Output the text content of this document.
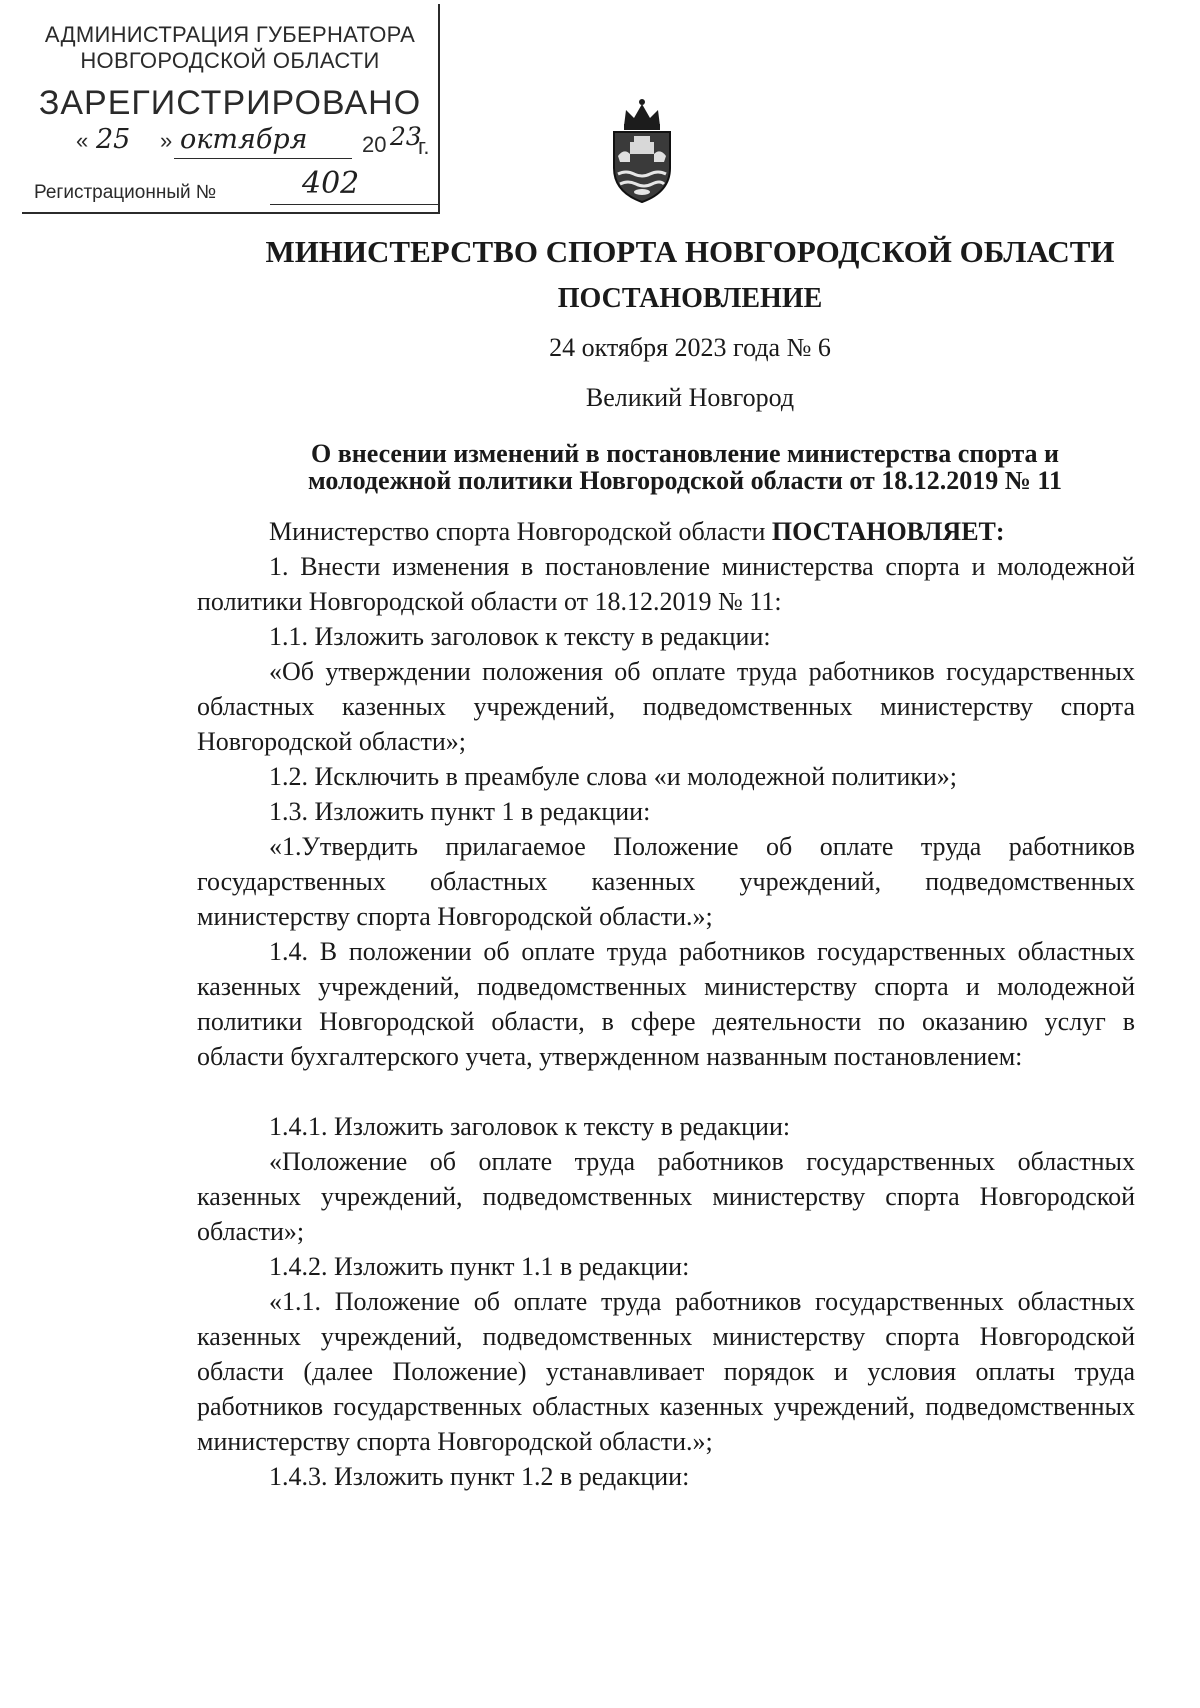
АДМИНИСТРАЦИЯ ГУБЕРНАТОРА
НОВГОРОДСКОЙ ОБЛАСТИ
ЗАРЕГИСТРИРОВАНО
« 25 » октября 20 23
г.
Регистрационный №	402
МИНИСТЕРСТВО СПОРТА НОВГОРОДСКОЙ ОБЛАСТИ
ПОСТАНОВЛЕНИЕ
24 октября 2023 года № 6
Великий Новгород
О внесении изменений в постановление министерства спорта и молодежной политики Новгородской области от 18.12.2019 № 11

Министерство спорта Новгородской области ПОСТАНОВЛЯЕТ:

1. Внести изменения в постановление министерства спорта и молодежной политики Новгородской области от 18.12.2019 № 11:

1.1. Изложить заголовок к тексту в редакции:

«Об утверждении положения об оплате труда работников государственных областных казенных учреждений, подведомственных министерству спорта Новгородской области»;

1.2. Исключить в преамбуле слова «и молодежной политики»;

1.3. Изложить пункт 1 в редакции:

«1.Утвердить прилагаемое Положение об оплате труда работников государственных областных казенных учреждений, подведомственных министерству спорта Новгородской области.»;

1.4. В положении об оплате труда работников государственных областных казенных учреждений, подведомственных министерству спорта и молодежной политики Новгородской области, в сфере деятельности по оказанию услуг в области бухгалтерского учета, утвержденном названным постановлением:

1.4.1. Изложить заголовок к тексту в редакции:

«Положение об оплате труда работников государственных областных казенных учреждений, подведомственных министерству спорта Новгородской области»;

1.4.2. Изложить пункт 1.1 в редакции:

«1.1. Положение об оплате труда работников государственных областных казенных учреждений, подведомственных министерству спорта Новгородской области (далее Положение) устанавливает порядок и условия оплаты труда работников государственных областных казенных учреждений, подведомственных министерству спорта Новгородской области.»;

1.4.3. Изложить пункт 1.2 в редакции:
